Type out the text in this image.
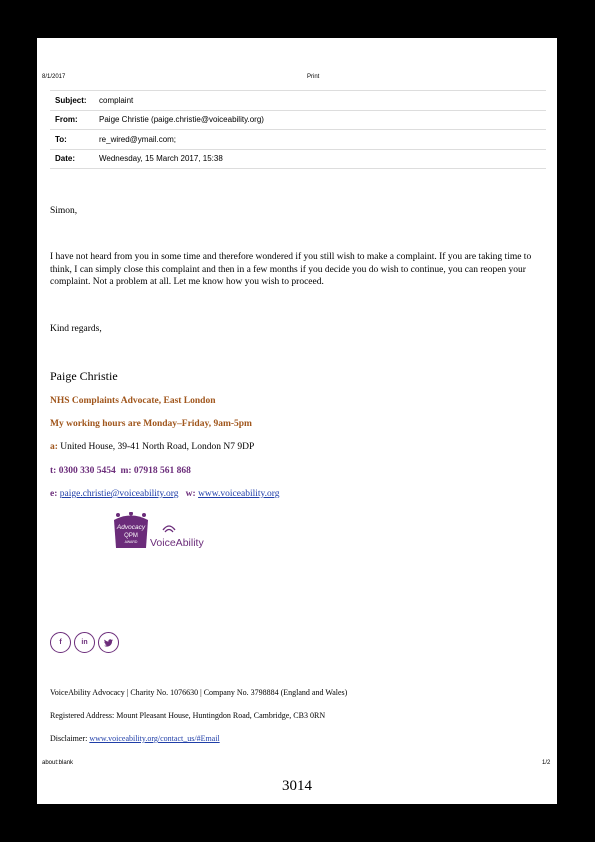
8/1/2017	Print
Subject:	complaint
From:	Paige Christie (paige.christie@voiceability.org)
To:	re_wired@ymail.com;
Date:	Wednesday, 15 March 2017, 15:38
Simon,
I have not heard from you in some time and therefore wondered if you still wish to make a complaint. If you are taking time to think, I can simply close this complaint and then in a few months if you decide you do wish to continue, you can reopen your complaint. Not a problem at all. Let me know how you wish to proceed.
Kind regards,
Paige Christie
NHS Complaints Advocate, East London
My working hours are Monday–Friday, 9am-5pm
a: United House, 39-41 North Road, London N7 9DP
t: 0300 330 5454 m: 07918 561 868
e: paige.christie@voiceability.org w: www.voiceability.org
Advocacy
QPM
AWARD VoiceAbility
f	in
VoiceAbility Advocacy | Charity No. 1076630 | Company No. 3798884 (England and Wales)
Registered Address: Mount Pleasant House, Huntingdon Road, Cambridge, CB3 0RN
Disclaimer: www.voiceability.org/contact_us/#Email
about:blank	1/2
3014
